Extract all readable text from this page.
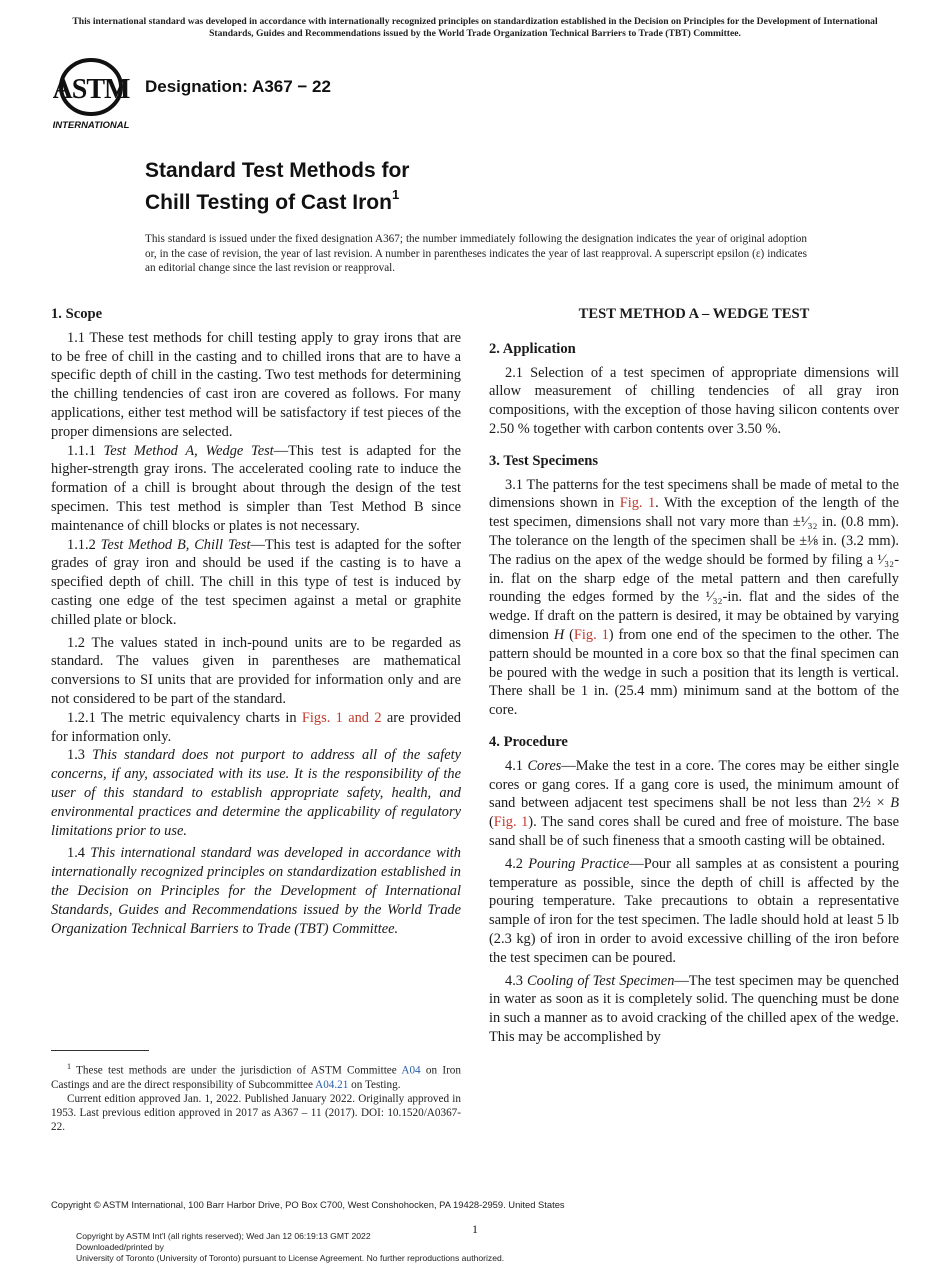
This international standard was developed in accordance with internationally recognized principles on standardization established in the Decision on Principles for the Development of International Standards, Guides and Recommendations issued by the World Trade Organization Technical Barriers to Trade (TBT) Committee.
ASTM
INTERNATIONAL
Designation: A367 − 22
Standard Test Methods for
Chill Testing of Cast Iron$^1$
This standard is issued under the fixed designation A367; the number immediately following the designation indicates the year of original adoption or, in the case of revision, the year of last revision. A number in parentheses indicates the year of last reapproval. A superscript epsilon (ε) indicates an editorial change since the last revision or reapproval.
1. Scope

1.1 These test methods for chill testing apply to gray irons that are to be free of chill in the casting and to chilled irons that are to have a specific depth of chill in the casting. Two test methods for determining the chilling tendencies of cast iron are covered as follows. For many applications, either test method will be satisfactory if test pieces of the proper dimensions are selected.

1.1.1 Test Method A, Wedge Test—This test is adapted for the higher-strength gray irons. The accelerated cooling rate to induce the formation of a chill is brought about through the design of the test specimen. This test method is simpler than Test Method B since maintenance of chill blocks or plates is not necessary.

1.1.2 Test Method B, Chill Test—This test is adapted for the softer grades of gray iron and should be used if the casting is to have a specified depth of chill. The chill in this type of test is induced by casting one edge of the test specimen against a metal or graphite chilled plate or block.

1.2 The values stated in inch-pound units are to be regarded as standard. The values given in parentheses are mathematical conversions to SI units that are provided for information only and are not considered to be part of the standard.

1.2.1 The metric equivalency charts in Figs. 1 and 2 are provided for information only.

1.3 This standard does not purport to address all of the safety concerns, if any, associated with its use. It is the responsibility of the user of this standard to establish appropriate safety, health, and environmental practices and determine the applicability of regulatory limitations prior to use.

1.4 This international standard was developed in accordance with internationally recognized principles on standardization established in the Decision on Principles for the Development of International Standards, Guides and Recommendations issued by the World Trade Organization Technical Barriers to Trade (TBT) Committee.

TEST METHOD A – WEDGE TEST
2. Application

2.1 Selection of a test specimen of appropriate dimensions will allow measurement of chilling tendencies of all gray iron compositions, with the exception of those having silicon contents over 2.50 % together with carbon contents over 3.50 %.

3. Test Specimens

3.1 The patterns for the test specimens shall be made of metal to the dimensions shown in Fig. 1. With the exception of the length of the test specimen, dimensions shall not vary more than ±¹⁄₃₂ in. (0.8 mm). The tolerance on the length of the specimen shall be ±⅛ in. (3.2 mm). The radius on the apex of the wedge should be formed by filing a ¹⁄₃₂-in. flat on the sharp edge of the metal pattern and then carefully rounding the edges formed by the ¹⁄₃₂-in. flat and the sides of the wedge. If draft on the pattern is desired, it may be obtained by varying dimension H (Fig. 1) from one end of the specimen to the other. The pattern should be mounted in a core box so that the final specimen can be poured with the wedge in such a position that its length is vertical. There shall be 1 in. (25.4 mm) minimum sand at the bottom of the core.

4. Procedure

4.1 Cores—Make the test in a core. The cores may be either single cores or gang cores. If a gang core is used, the minimum amount of sand between adjacent test specimens shall be not less than 2½ × B (Fig. 1). The sand cores shall be cured and free of moisture. The base sand shall be of such fineness that a smooth casting will be obtained.

4.2 Pouring Practice—Pour all samples at as consistent a pouring temperature as possible, since the depth of chill is affected by the pouring temperature. Take precautions to obtain a representative sample of iron for the test specimen. The ladle should hold at least 5 lb (2.3 kg) of iron in order to avoid excessive chilling of the iron before the test specimen can be poured.

4.3 Cooling of Test Specimen—The test specimen may be quenched in water as soon as it is completely solid. The quenching must be done in such a manner as to avoid cracking of the chilled apex of the wedge. This may be accomplished by

$^1$ These test methods are under the jurisdiction of ASTM Committee A04 on Iron Castings and are the direct responsibility of Subcommittee A04.21 on Testing.

Current edition approved Jan. 1, 2022. Published January 2022. Originally approved in 1953. Last previous edition approved in 2017 as A367 – 11 (2017). DOI: 10.1520/A0367-22.

Copyright © ASTM International, 100 Barr Harbor Drive, PO Box C700, West Conshohocken, PA 19428-2959. United States
1
Copyright by ASTM Int'l (all rights reserved); Wed Jan 12 06:19:13 GMT 2022
Downloaded/printed by
University of Toronto (University of Toronto) pursuant to License Agreement. No further reproductions authorized.
